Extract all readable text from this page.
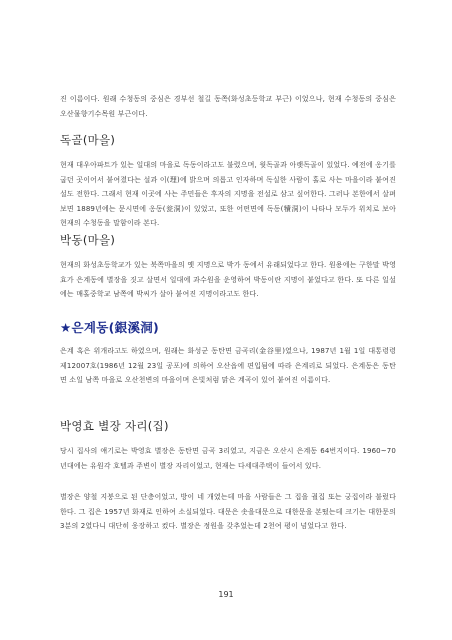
진 이름이다. 원래 수청동의 중심은 경부선 철길 동쪽(화성초등학교 부근) 이었으나, 현재 수청동의 중심은 오산물향기수목원 부근이다.

독골(마을)

현재 대우아파트가 있는 일대의 마을로 독동이라고도 불렸으며, 윗독골과 아랫독골이 있었다. 예전에 옹기를 굽던 곳이어서 붙여졌다는 설과 이(理)에 밝으며 의롭고 인자하며 독실한 사람이 홀로 사는 마을이라 붙여진 설도 전한다. 그래서 현재 이곳에 사는 주민들은 후자의 지명을 전설로 삼고 싶어한다. 그러나 본한에서 살펴보면 1889년에는 문시면에 옹동(瓮洞)이 있었고, 또한 어떤면에 독동(犢洞)이 나타나 모두가 위치로 보아 현재의 수청동을 말함이라 본다.

박동(마을)

현재의 화성초등학교가 있는 북쪽마을의 옛 지명으로 박가 동에서 유래되었다고 한다. 원용에는 구한말 박영효가 은계동에 별장을 짓고 살면서 일대에 과수원을 운영하여 박동이란 지명이 붙었다고 한다. 또 다른 일설에는 매홀중학교 남쪽에 박씨가 살아 붙여진 지명이라고도 한다.

★은계동(銀溪洞)

은계 혹은 위개라고도 하였으며, 원래는 화성군 동탄면 금곡리(金谷里)였으나, 1987년 1월 1일 대통령령 제12007호(1986년 12월 23일 공포)에 의하여 오산읍에 편입됨에 따라 은계리로 되었다. 은계동은 동탄면 소일 남쪽 마을로 오산천변의 마을이며 은빛처럼 맑은 계곡이 있어 붙여진 이름이다.

191

박영효 별장 자리(집)

당시 집사의 얘기로는 박영효 별장은 동탄면 금곡 3리였고, 지금은 오산시 은계동 64번지이다. 1960~70년대에는 유원각 호텔과 주변이 별장 자리이었고, 현재는 다세대주택이 들어서 있다.

별장은 양철 지붕으로 된 단층이었고, 방이 네 개였는데 마을 사람들은 그 집을 궐집 또는 궁집이라 불렀다 한다. 그 집은 1957년 화재로 인하여 소실되었다. 대문은 솟을대문으로 대한문을 본떴는데 크기는 대한문의 3분의 2였다니 대단히 웅장하고 컸다. 별장은 정원을 갖추었는데 2천여 평이 넘었다고 한다.
